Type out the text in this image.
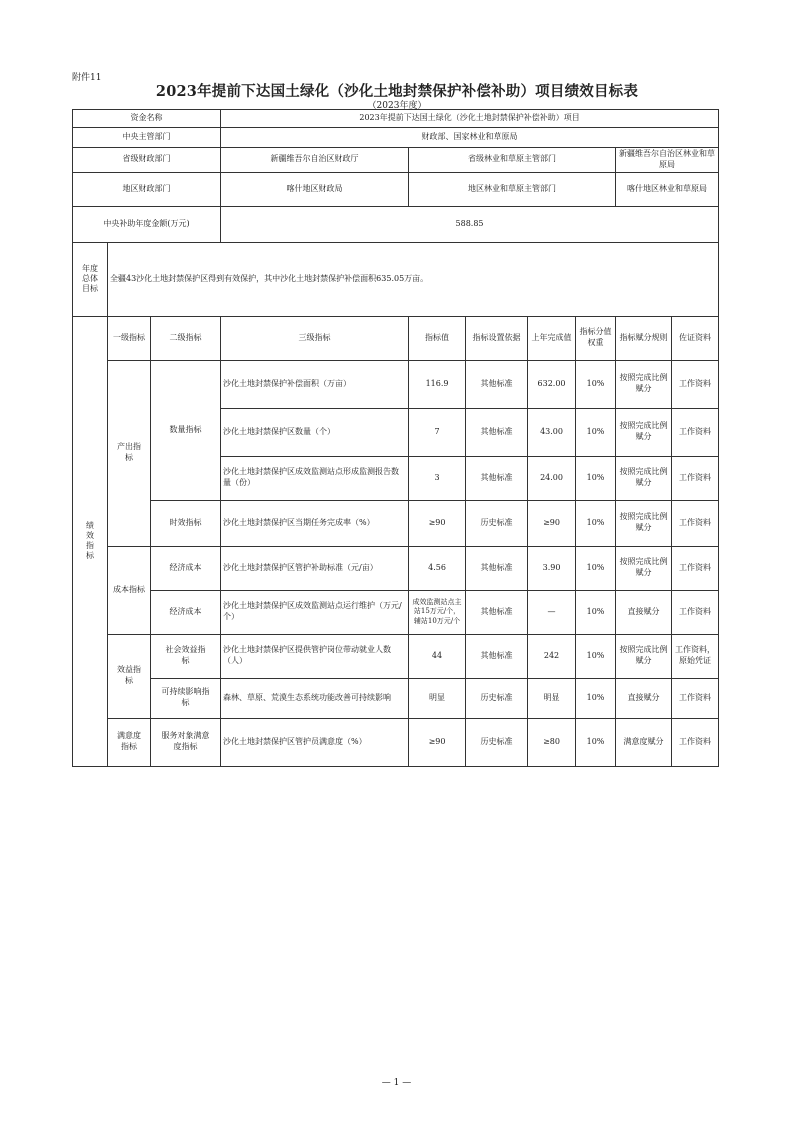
附件11
2023年提前下达国土绿化（沙化土地封禁保护补偿补助）项目绩效目标表
（2023年度）
资金名称			2023年提前下达国土绿化（沙化土地封禁保护补偿补助）项目						
中央主管部门			财政部、国家林业和草原局						
省级财政部门			新疆维吾尔自治区财政厅	省级林业和草原主管部门				新疆维吾尔自治区林业和草原局	
地区财政部门			喀什地区财政局	地区林业和草原主管部门				喀什地区林业和草原局	
中央补助年度金额(万元)			588.85						

年度总体目标	全疆43沙化土地封禁保护区得到有效保护，其中沙化土地封禁保护补偿面积635.05万亩。								

绩效指标	一级指标	二级指标	三级指标	指标值	指标设置依据	上年完成值	指标分值权重	指标赋分规则	佐证资料

	产出指标	数量指标	沙化土地封禁保护补偿面积（万亩）	116.9	其他标准	632.00	10%	按照完成比例赋分	工作资料
			沙化土地封禁保护区数量（个）	7	其他标准	43.00	10%	按照完成比例赋分	工作资料
			沙化土地封禁保护区成效监测站点形成监测报告数量（份）	3	其他标准	24.00	10%	按照完成比例赋分	工作资料
		时效指标	沙化土地封禁保护区当期任务完成率（%）	≥90	历史标准	≥90	10%	按照完成比例赋分	工作资料
	成本指标	经济成本	沙化土地封禁保护区管护补助标准（元/亩）	4.56	其他标准	3.90	10%	按照完成比例赋分	工作资料
		经济成本	沙化土地封禁保护区成效监测站点运行维护（万元/个）	成效监测站点主站15万元/个，辅站10万元/个	其他标准	—	10%	直接赋分	工作资料

	效益指标	社会效益指标	沙化土地封禁保护区提供管护岗位带动就业人数（人）	44	其他标准	242	10%	按照完成比例赋分	工作资料，原始凭证

		可持续影响指标	森林、草原、荒漠生态系统功能改善可持续影响	明显	历史标准	明显	10%	直接赋分	工作资料

	满意度指标	服务对象满意度指标	沙化土地封禁保护区管护员满意度（%）	≥90	历史标准	≥80	10%	满意度赋分	工作资料
— 1 —
